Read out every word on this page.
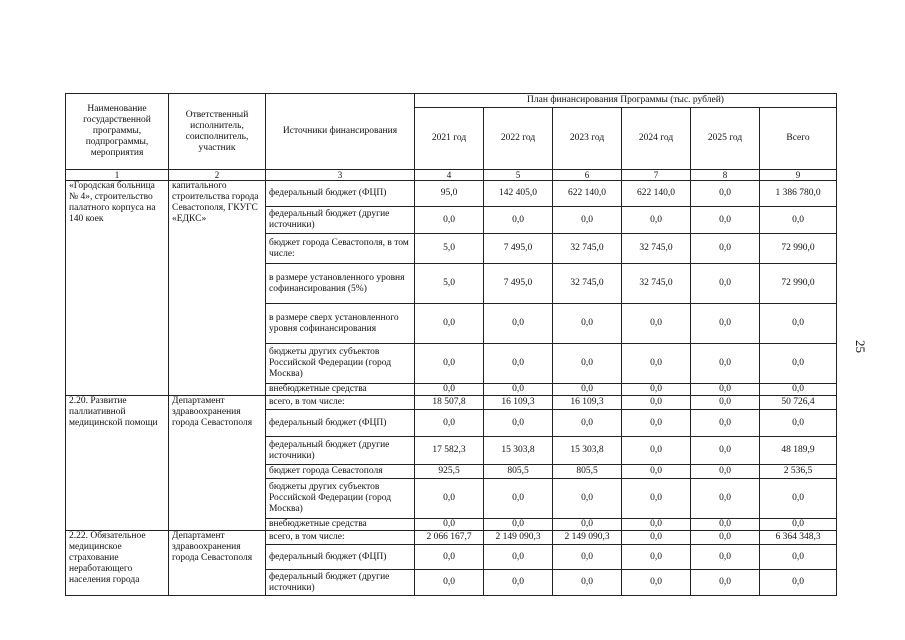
Наименование государственной программы, подпрограммы, мероприятия	Ответственный исполнитель, соисполнитель, участник	Источники финансирования	План финансирования Программы (тыс. рублей)					
			2021 год	2022 год	2023 год	2024 год	2025 год	Всего
1	2	3	4	5	6	7	8	9
«Городская больница № 4», строительство палатного корпуса на 140 коек	капитального строительства города Севастополя, ГКУГС «ЕДКС»	федеральный бюджет (ФЦП)	95,0	142 405,0	622 140,0	622 140,0	0,0	1 386 780,0
		федеральный бюджет (другие источники)	0,0	0,0	0,0	0,0	0,0	0,0
		бюджет города Севастополя, в том числе:	5,0	7 495,0	32 745,0	32 745,0	0,0	72 990,0
		в размере установленного уровня софинансирования (5%)	5,0	7 495,0	32 745,0	32 745,0	0,0	72 990,0
		в размере сверх установленного уровня софинансирования	0,0	0,0	0,0	0,0	0,0	0,0
		бюджеты других субъектов Российской Федерации (город Москва)	0,0	0,0	0,0	0,0	0,0	0,0
		внебюджетные средства	0,0	0,0	0,0	0,0	0,0	0,0
2.20. Развитие паллиативной медицинской помощи	Департамент здравоохранения города Севастополя	всего, в том числе:	18 507,8	16 109,3	16 109,3	0,0	0,0	50 726,4
		федеральный бюджет (ФЦП)	0,0	0,0	0,0	0,0	0,0	0,0
		федеральный бюджет (другие источники)	17 582,3	15 303,8	15 303,8	0,0	0,0	48 189,9
		бюджет города Севастополя	925,5	805,5	805,5	0,0	0,0	2 536,5
		бюджеты других субъектов Российской Федерации (город Москва)	0,0	0,0	0,0	0,0	0,0	0,0
		внебюджетные средства	0,0	0,0	0,0	0,0	0,0	0,0
2.22. Обязательное медицинское страхование неработающего населения города	Департамент здравоохранения города Севастополя	всего, в том числе:	2 066 167,7	2 149 090,3	2 149 090,3	0,0	0,0	6 364 348,3
		федеральный бюджет (ФЦП)	0,0	0,0	0,0	0,0	0,0	0,0
		федеральный бюджет (другие источники)	0,0	0,0	0,0	0,0	0,0	0,0
25
